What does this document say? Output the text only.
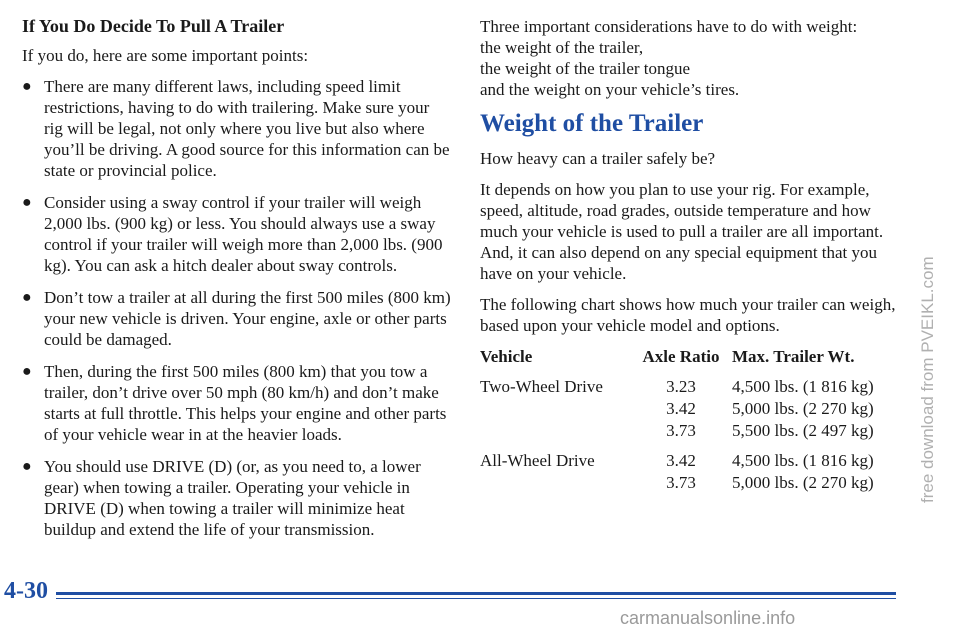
If You Do Decide To Pull A Trailer

If you do, here are some important points:

● There are many different laws, including speed limit restrictions, having to do with trailering. Make sure your rig will be legal, not only where you live but also where you’ll be driving. A good source for this information can be state or provincial police.
● Consider using a sway control if your trailer will weigh 2,000 lbs. (900 kg) or less. You should always use a sway control if your trailer will weigh more than 2,000 lbs. (900 kg). You can ask a hitch dealer about sway controls.
● Don’t tow a trailer at all during the first 500 miles (800 km) your new vehicle is driven. Your engine, axle or other parts could be damaged.
● Then, during the first 500 miles (800 km) that you tow a trailer, don’t drive over 50 mph (80 km/h) and don’t make starts at full throttle. This helps your engine and other parts of your vehicle wear in at the heavier loads.
● You should use DRIVE (D) (or, as you need to, a lower gear) when towing a trailer. Operating your vehicle in DRIVE (D) when towing a trailer will minimize heat buildup and extend the life of your transmission.
Three important considerations have to do with weight:
the weight of the trailer,
the weight of the trailer tongue
and the weight on your vehicle’s tires.
Weight of the Trailer

How heavy can a trailer safely be?

It depends on how you plan to use your rig. For example, speed, altitude, road grades, outside temperature and how much your vehicle is used to pull a trailer are all important. And, it can also depend on any special equipment that you have on your vehicle.

The following chart shows how much your trailer can weigh, based upon your vehicle model and options.

Vehicle	Axle Ratio	Max. Trailer Wt.
Two-Wheel Drive	3.23	4,500 lbs. (1 816 kg)
	3.42	5,000 lbs. (2 270 kg)
	3.73	5,500 lbs. (2 497 kg)
All-Wheel Drive	3.42	4,500 lbs. (1 816 kg)
	3.73	5,000 lbs. (2 270 kg)
4-30
free download from PVEIKL.com
carmanualsonline.info
